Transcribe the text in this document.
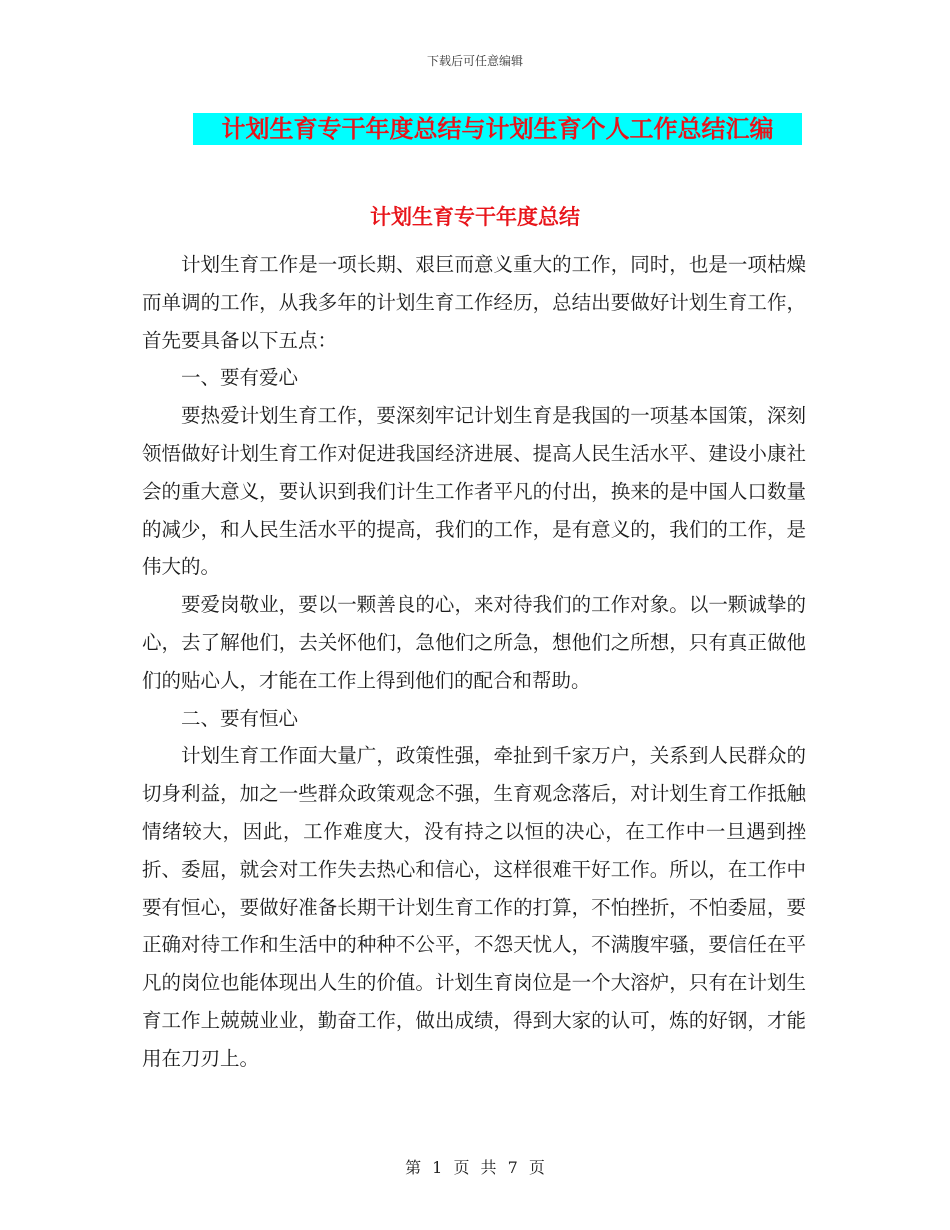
下载后可任意编辑
计划生育专干年度总结与计划生育个人工作总结汇编
计划生育专干年度总结

计划生育工作是一项长期、艰巨而意义重大的工作，同时，也是一项枯燥而单调的工作，从我多年的计划生育工作经历，总结出要做好计划生育工作，首先要具备以下五点：

一、要有爱心

要热爱计划生育工作，要深刻牢记计划生育是我国的一项基本国策，深刻领悟做好计划生育工作对促进我国经济进展、提高人民生活水平、建设小康社会的重大意义，要认识到我们计生工作者平凡的付出，换来的是中国人口数量的减少，和人民生活水平的提高，我们的工作，是有意义的，我们的工作，是伟大的。

要爱岗敬业，要以一颗善良的心，来对待我们的工作对象。以一颗诚挚的心，去了解他们，去关怀他们，急他们之所急，想他们之所想，只有真正做他们的贴心人，才能在工作上得到他们的配合和帮助。

二、要有恒心

计划生育工作面大量广，政策性强，牵扯到千家万户，关系到人民群众的切身利益，加之一些群众政策观念不强，生育观念落后，对计划生育工作抵触情绪较大，因此，工作难度大，没有持之以恒的决心，在工作中一旦遇到挫折、委屈，就会对工作失去热心和信心，这样很难干好工作。所以，在工作中要有恒心，要做好准备长期干计划生育工作的打算，不怕挫折，不怕委屈，要正确对待工作和生活中的种种不公平，不怨天忧人，不满腹牢骚，要信任在平凡的岗位也能体现出人生的价值。计划生育岗位是一个大溶炉，只有在计划生育工作上兢兢业业，勤奋工作，做出成绩，得到大家的认可，炼的好钢，才能用在刀刃上。

第 1 页 共 7 页
